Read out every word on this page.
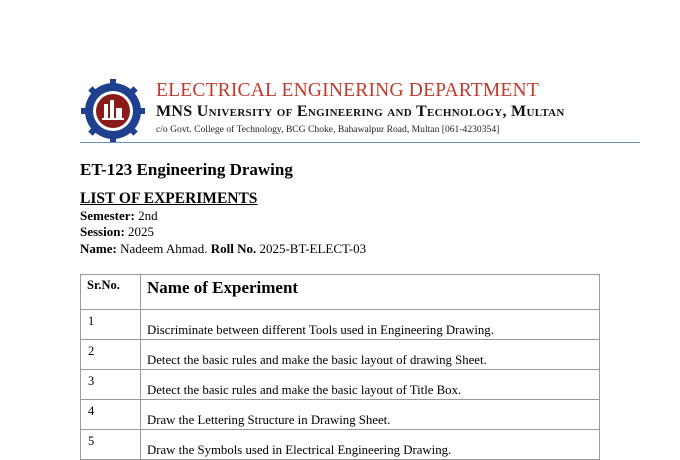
ELECTRICAL ENGINERING DEPARTMENT

MNS University of Engineering and Technology, Multan

c/o Govt. College of Technology, BCG Choke, Bahawalpur Road, Multan [061-4230354]

ET-123 Engineering Drawing

LIST OF EXPERIMENTS

Semester: 2nd

Session: 2025

Name: Nadeem Ahmad. Roll No. 2025-BT-ELECT-03

Sr.No.	Name of Experiment
1	Discriminate between different Tools used in Engineering Drawing.
2	Detect the basic rules and make the basic layout of drawing Sheet.
3	Detect the basic rules and make the basic layout of Title Box.
4	Draw the Lettering Structure in Drawing Sheet.
5	Draw the Symbols used in Electrical Engineering Drawing.
